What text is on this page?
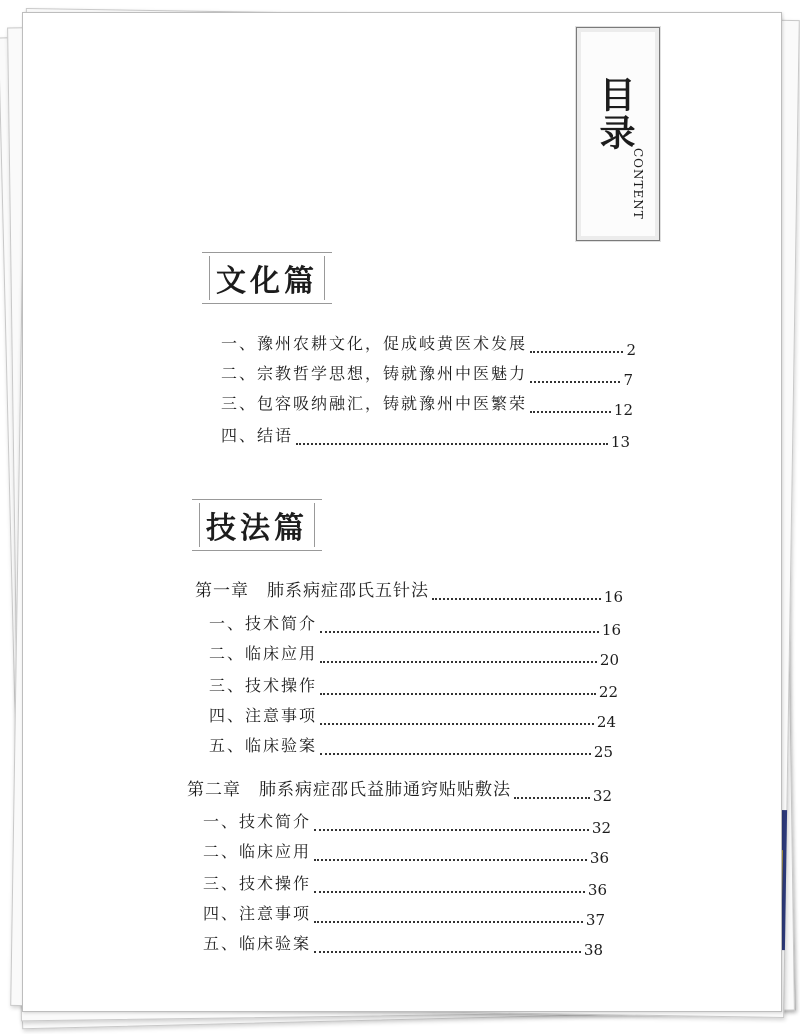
目录
CONTENT
文化篇
一、豫州农耕文化，促成岐黄医术发展	2
二、宗教哲学思想，铸就豫州中医魅力	7
三、包容吸纳融汇，铸就豫州中医繁荣	12
四、结语	13
技法篇
第一章　肺系病症邵氏五针法	16
一、技术简介	16
二、临床应用	20
三、技术操作	22
四、注意事项	24
五、临床验案	25
第二章　肺系病症邵氏益肺通窍贴贴敷法	32
一、技术简介	32
二、临床应用	36
三、技术操作	36
四、注意事项	37
五、临床验案	38
